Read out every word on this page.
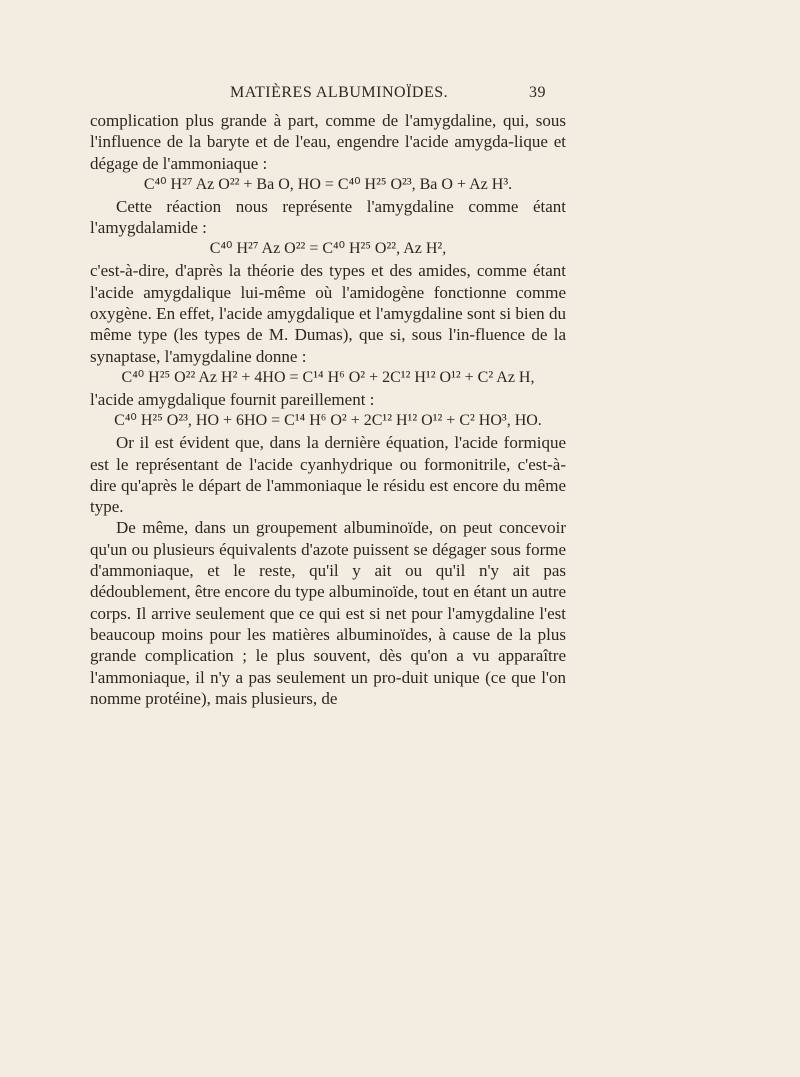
MATIÈRES ALBUMINOÏDES.	39

complication plus grande à part, comme de l'amygdaline, qui, sous l'influence de la baryte et de l'eau, engendre l'acide amygda-lique et dégage de l'ammoniaque :

C⁴⁰ H²⁷ Az O²² + Ba O, HO = C⁴⁰ H²⁵ O²³, Ba O + Az H³.

Cette réaction nous représente l'amygdaline comme étant l'amygdalamide :

C⁴⁰ H²⁷ Az O²² = C⁴⁰ H²⁵ O²², Az H²,

c'est-à-dire, d'après la théorie des types et des amides, comme étant l'acide amygdalique lui-même où l'amidogène fonctionne comme oxygène. En effet, l'acide amygdalique et l'amygdaline sont si bien du même type (les types de M. Dumas), que si, sous l'in-fluence de la synaptase, l'amygdaline donne :

C⁴⁰ H²⁵ O²² Az H² + 4HO = C¹⁴ H⁶ O² + 2C¹² H¹² O¹² + C² Az H,

l'acide amygdalique fournit pareillement :

C⁴⁰ H²⁵ O²³, HO + 6HO = C¹⁴ H⁶ O² + 2C¹² H¹² O¹² + C² HO³, HO.

Or il est évident que, dans la dernière équation, l'acide formique est le représentant de l'acide cyanhydrique ou formonitrile, c'est-à-dire qu'après le départ de l'ammoniaque le résidu est encore du même type.

De même, dans un groupement albuminoïde, on peut concevoir qu'un ou plusieurs équivalents d'azote puissent se dégager sous forme d'ammoniaque, et le reste, qu'il y ait ou qu'il n'y ait pas dédoublement, être encore du type albuminoïde, tout en étant un autre corps. Il arrive seulement que ce qui est si net pour l'amygdaline l'est beaucoup moins pour les matières albuminoïdes, à cause de la plus grande complication ; le plus souvent, dès qu'on a vu apparaître l'ammoniaque, il n'y a pas seulement un pro-duit unique (ce que l'on nomme protéine), mais plusieurs, de
